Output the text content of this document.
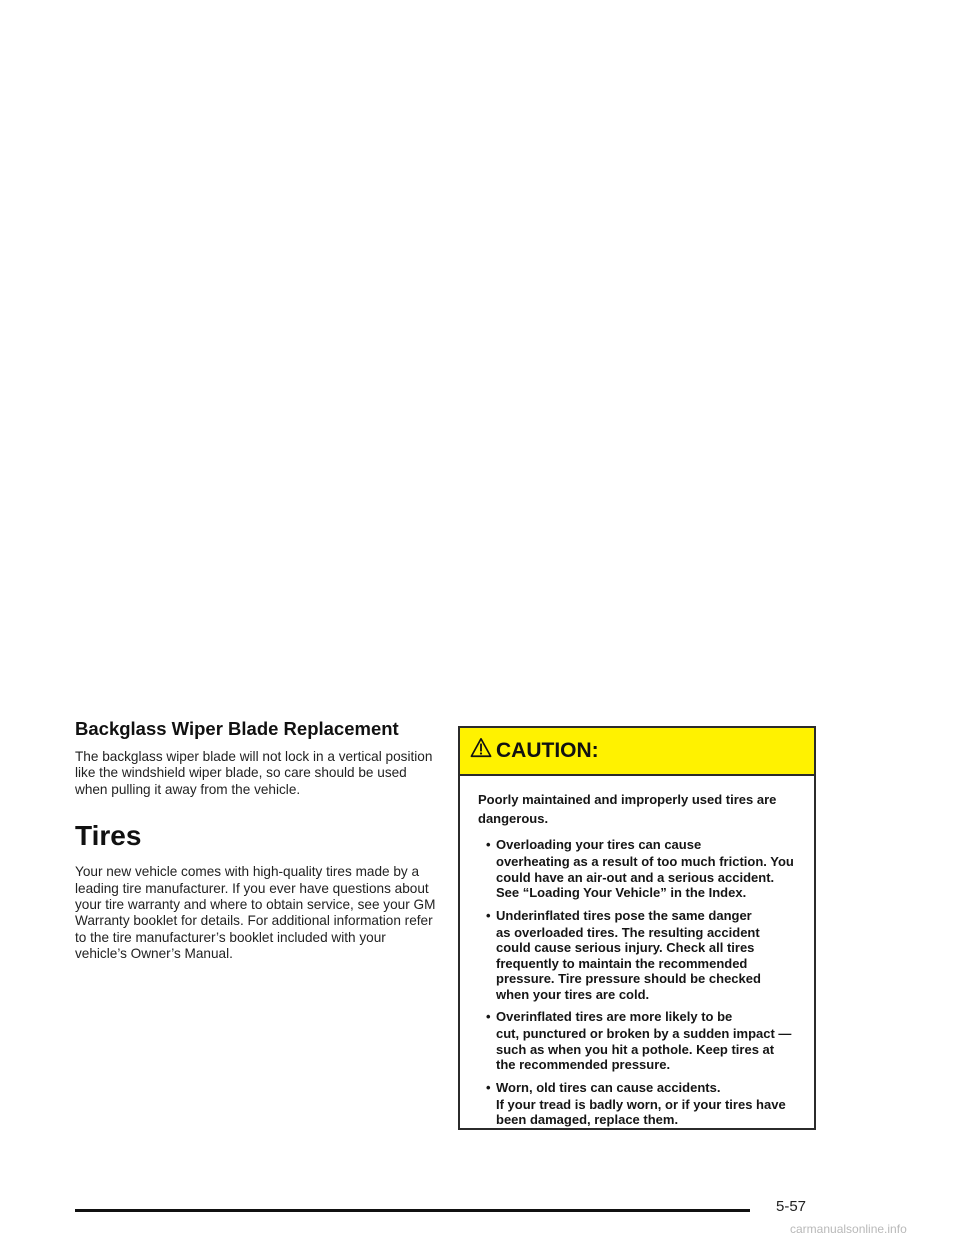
Backglass Wiper Blade Replacement

The backglass wiper blade will not lock in a vertical position like the windshield wiper blade, so care should be used when pulling it away from the vehicle.

Tires

Your new vehicle comes with high-quality tires made by a leading tire manufacturer. If you ever have questions about your tire warranty and where to obtain service, see your GM Warranty booklet for details. For additional information refer to the tire manufacturer’s booklet included with your vehicle’s Owner’s Manual.

CAUTION:

Poorly maintained and improperly used tires are dangerous.

• Overloading your tires can cause
overheating as a result of too much friction. You could have an air-out and a serious accident. See “Loading Your Vehicle” in the Index.
• Underinflated tires pose the same danger
as overloaded tires. The resulting accident could cause serious injury. Check all tires frequently to maintain the recommended pressure. Tire pressure should be checked when your tires are cold.
• Overinflated tires are more likely to be
cut, punctured or broken by a sudden impact — such as when you hit a pothole. Keep tires at the recommended pressure.
• Worn, old tires can cause accidents.
If your tread is badly worn, or if your tires have been damaged, replace them.
5-57
carmanualsonline.info
